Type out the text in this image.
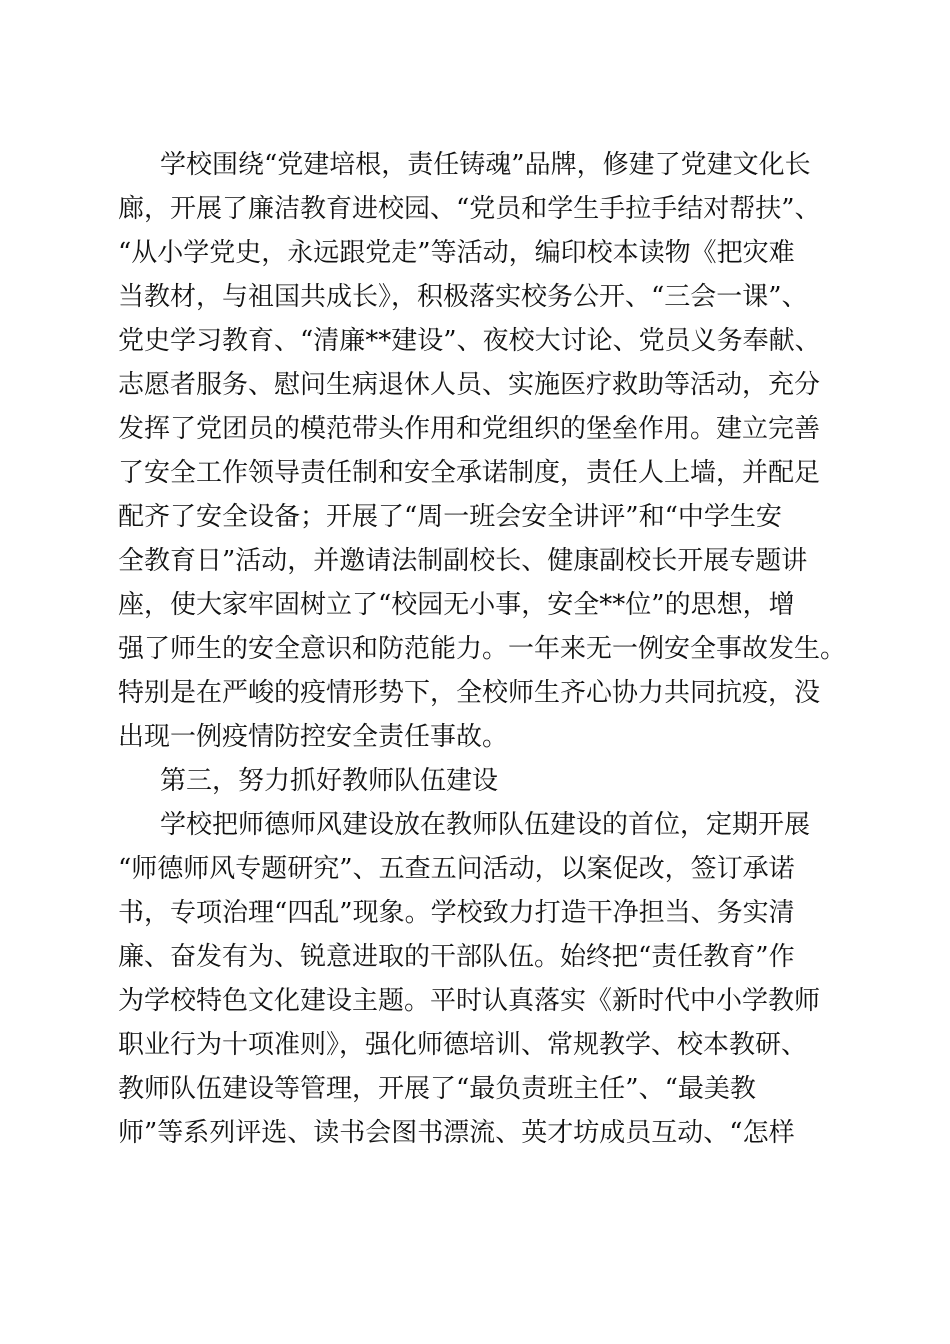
学校围绕“党建培根，责任铸魂”品牌，修建了党建文化长
廊，开展了廉洁教育进校园、“党员和学生手拉手结对帮扶”、
“从小学党史，永远跟党走”等活动，编印校本读物《把灾难
当教材，与祖国共成长》，积极落实校务公开、“三会一课”、
党史学习教育、“清廉**建设”、夜校大讨论、党员义务奉献、
志愿者服务、慰问生病退休人员、实施医疗救助等活动，充分
发挥了党团员的模范带头作用和党组织的堡垒作用。建立完善
了安全工作领导责任制和安全承诺制度，责任人上墙，并配足
配齐了安全设备；开展了“周一班会安全讲评”和“中学生安
全教育日”活动，并邀请法制副校长、健康副校长开展专题讲
座，使大家牢固树立了“校园无小事，安全**位”的思想，增
强了师生的安全意识和防范能力。一年来无一例安全事故发生。
特别是在严峻的疫情形势下，全校师生齐心协力共同抗疫，没
出现一例疫情防控安全责任事故。
第三，努力抓好教师队伍建设
学校把师德师风建设放在教师队伍建设的首位，定期开展
“师德师风专题研究”、五查五问活动，以案促改，签订承诺
书，专项治理“四乱”现象。学校致力打造干净担当、务实清
廉、奋发有为、锐意进取的干部队伍。始终把“责任教育”作
为学校特色文化建设主题。平时认真落实《新时代中小学教师
职业行为十项准则》，强化师德培训、常规教学、校本教研、
教师队伍建设等管理，开展了“最负责班主任”、“最美教
师”等系列评选、读书会图书漂流、英才坊成员互动、“怎样
